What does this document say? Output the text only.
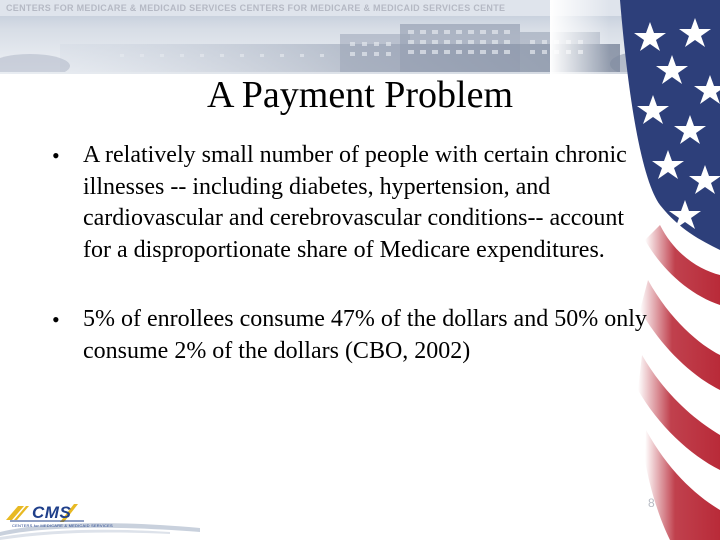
CENTERS FOR MEDICARE & MEDICAID SERVICES CENTERS FOR MEDICARE & MEDICAID SERVICES CENTE
A Payment Problem
• A relatively small number of people with certain chronic illnesses -- including diabetes, hypertension, and cardiovascular and cerebrovascular conditions-- account for a disproportionate share of Medicare expenditures.
• 5% of enrollees consume 47% of the dollars and 50% only consume 2% of the dollars (CBO, 2002)
8
CMS
CENTERS for MEDICARE & MEDICAID SERVICES
